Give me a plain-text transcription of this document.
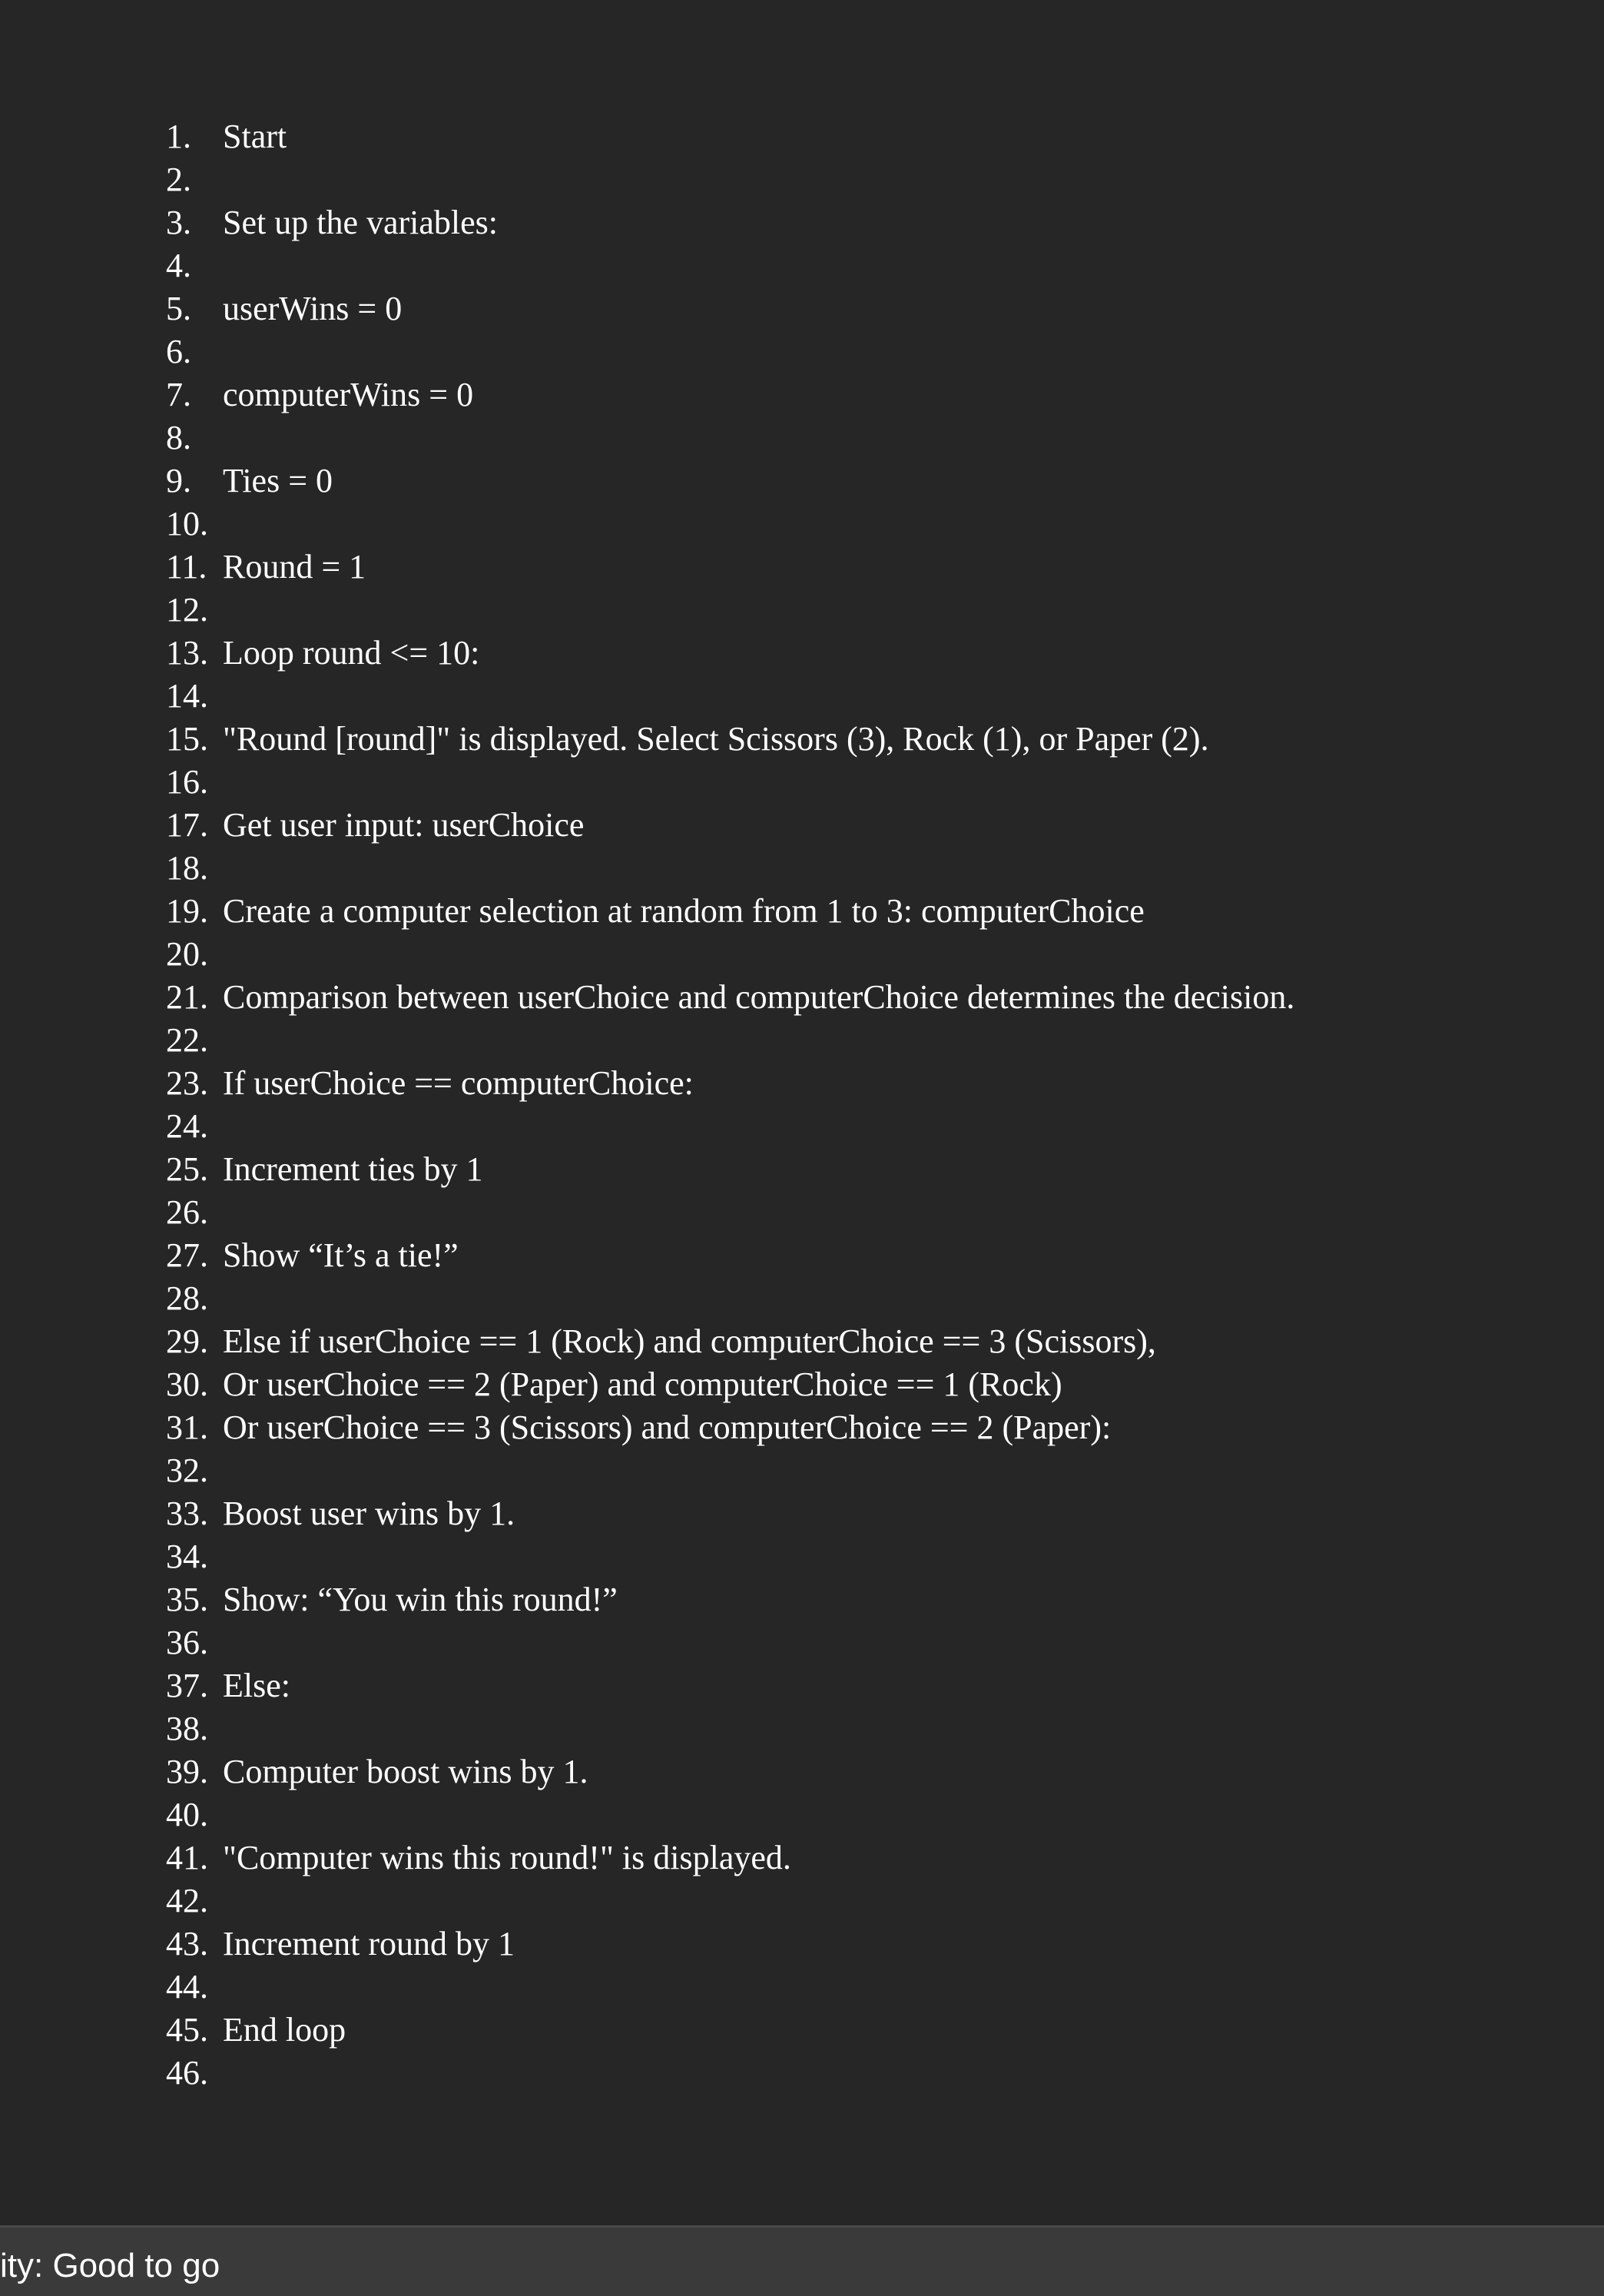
1. Start
2.
3. Set up the variables:
4.
5. userWins = 0
6.
7. computerWins = 0
8.
9. Ties = 0
10.
11. Round = 1
12.
13. Loop round <= 10:
14.
15. "Round [round]" is displayed. Select Scissors (3), Rock (1), or Paper (2).
16.
17. Get user input: userChoice
18.
19. Create a computer selection at random from 1 to 3: computerChoice
20.
21. Comparison between userChoice and computerChoice determines the decision.
22.
23. If userChoice == computerChoice:
24.
25. Increment ties by 1
26.
27. Show “It’s a tie!”
28.
29. Else if userChoice == 1 (Rock) and computerChoice == 3 (Scissors),
30.Or userChoice == 2 (Paper) and computerChoice == 1 (Rock)
31. Or userChoice == 3 (Scissors) and computerChoice == 2 (Paper):
32.
33. Boost user wins by 1.
34.
35. Show: “You win this round!”
36.
37. Else:
38.
39. Computer boost wins by 1.
40.
41. "Computer wins this round!" is displayed.
42.
43. Increment round by 1
44.
45. End loop
46.
ity: Good to go
